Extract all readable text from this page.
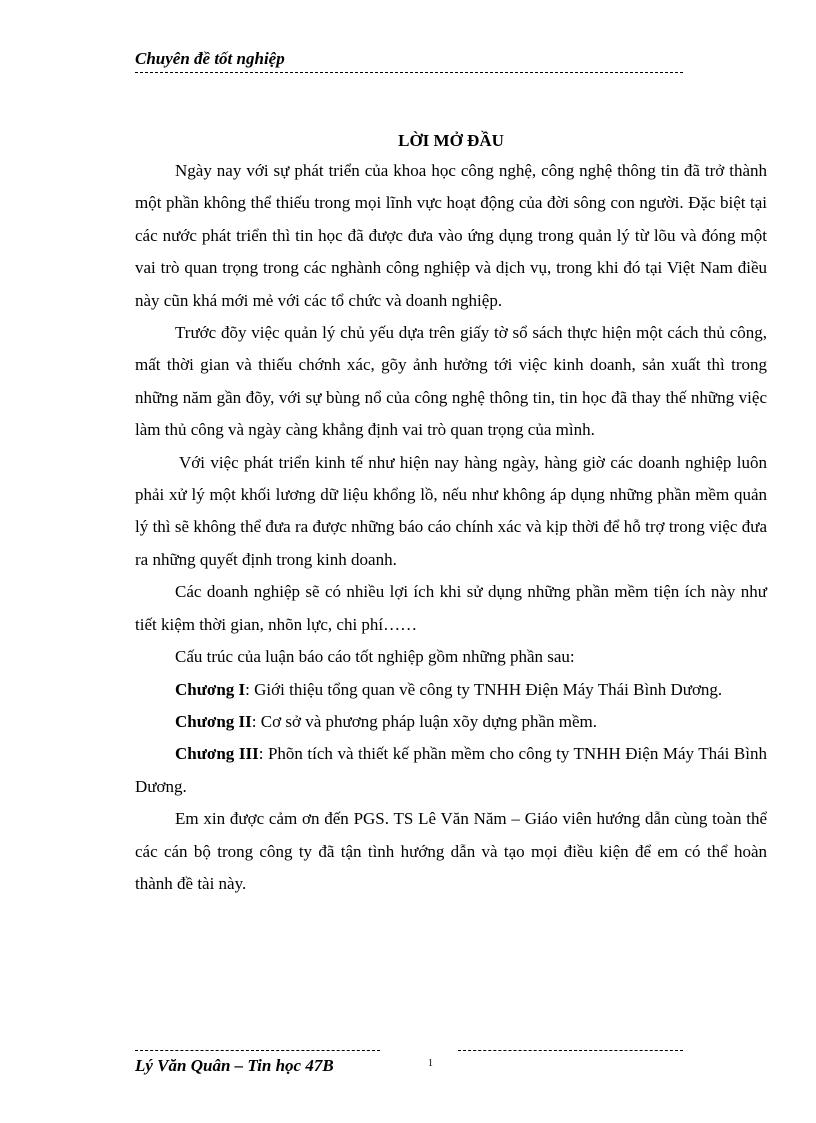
Chuyên đề tốt nghiệp
LỜI MỞ ĐẦU

Ngày nay với sự phát triển của khoa học công nghệ, công nghệ thông tin đã trở thành một phần không thể thiếu trong mọi lĩnh vực hoạt động của đời sông con người. Đặc biệt tại các nước phát triển thì tin học đã được đưa vào ứng dụng trong quản lý từ lõu và đóng một vai trò quan trọng trong các nghành công nghiệp và dịch vụ, trong khi đó tại Việt Nam điều này cũn khá mới mẻ với các tổ chức và doanh nghiệp.

Trước đõy việc quản lý chủ yếu dựa trên giấy tờ sổ sách thực hiện một cách thủ công, mất thời gian và thiếu chớnh xác, gõy ảnh hưởng tới việc kinh doanh, sản xuất thì trong những năm gần đõy, với sự bùng nổ của công nghệ thông tin, tin học đã thay thế những việc làm thủ công và ngày càng khẳng định vai trò quan trọng của mình.

Với việc phát triển kinh tế như hiện nay hàng ngày, hàng giờ các doanh nghiệp luôn phải xử lý một khối lương dữ liệu khổng lồ, nếu như không áp dụng những phần mềm quản lý thì sẽ không thể đưa ra được những báo cáo chính xác và kịp thời để hỗ trợ trong việc đưa ra những quyết định trong kinh doanh.

Các doanh nghiệp sẽ có nhiều lợi ích khi sử dụng những phần mềm tiện ích này như tiết kiệm thời gian, nhõn lực, chi phí……

Cấu trúc của luận báo cáo tốt nghiệp gồm những phần sau:

Chương I: Giới thiệu tổng quan về công ty TNHH Điện Máy Thái Bình Dương.

Chương II: Cơ sở và phương pháp luận xõy dựng phần mềm.

Chương III: Phõn tích và thiết kế phần mềm cho công ty TNHH Điện Máy Thái Bình Dương.

Em xin được cảm ơn đến PGS. TS Lê Văn Năm – Giáo viên hướng dẫn cùng toàn thể các cán bộ trong công ty đã tận tình hướng dẫn và tạo mọi điều kiện để em có thể hoàn thành đề tài này.

Lý Văn Quân – Tin học 47B	1
